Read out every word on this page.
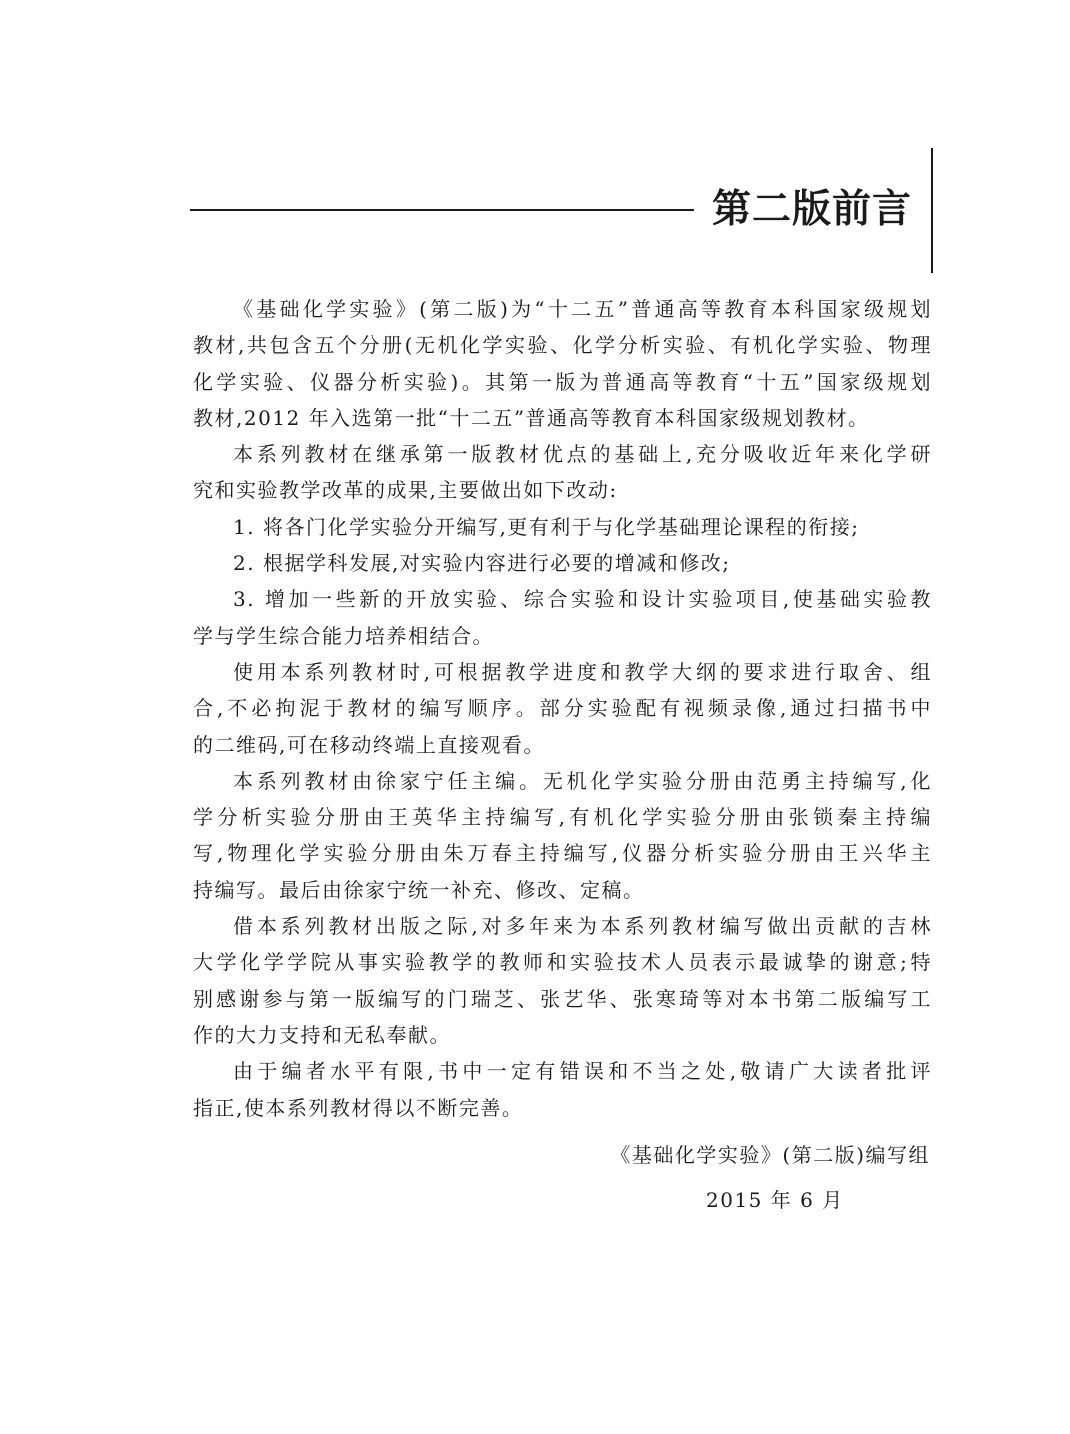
第二版前言

《基础化学实验》(第二版)为“十二五”普通高等教育本科国家级规划
教材,共包含五个分册(无机化学实验、化学分析实验、有机化学实验、物理
化学实验、仪器分析实验)。其第一版为普通高等教育“十五”国家级规划
教材,2012 年入选第一批“十二五”普通高等教育本科国家级规划教材。

本系列教材在继承第一版教材优点的基础上,充分吸收近年来化学研
究和实验教学改革的成果,主要做出如下改动:

1. 将各门化学实验分开编写,更有利于与化学基础理论课程的衔接;

2. 根据学科发展,对实验内容进行必要的增减和修改;

3. 增加一些新的开放实验、综合实验和设计实验项目,使基础实验教
学与学生综合能力培养相结合。

使用本系列教材时,可根据教学进度和教学大纲的要求进行取舍、组
合,不必拘泥于教材的编写顺序。部分实验配有视频录像,通过扫描书中
的二维码,可在移动终端上直接观看。

本系列教材由徐家宁任主编。无机化学实验分册由范勇主持编写,化
学分析实验分册由王英华主持编写,有机化学实验分册由张锁秦主持编
写,物理化学实验分册由朱万春主持编写,仪器分析实验分册由王兴华主
持编写。最后由徐家宁统一补充、修改、定稿。

借本系列教材出版之际,对多年来为本系列教材编写做出贡献的吉林
大学化学学院从事实验教学的教师和实验技术人员表示最诚挚的谢意;特
别感谢参与第一版编写的门瑞芝、张艺华、张寒琦等对本书第二版编写工
作的大力支持和无私奉献。

由于编者水平有限,书中一定有错误和不当之处,敬请广大读者批评
指正,使本系列教材得以不断完善。

《基础化学实验》(第二版)编写组
2015 年 6 月
